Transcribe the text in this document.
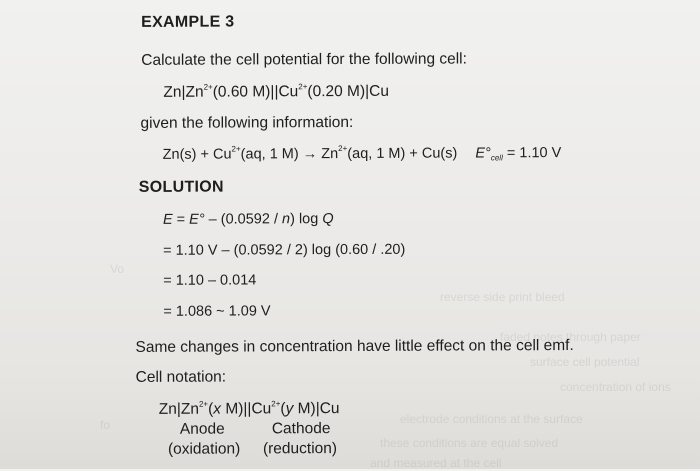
Vo
reverse side print bleed
faded notes through paper
surface cell potential
concentration of ions
fo	electrode conditions at the surface
these conditions are equal solved
and measured at the cell
EXAMPLE 3
Calculate the cell potential for the following cell:
$Zn|Zn^{2+}(0.60$ $M)||Cu^{2+}(0.20$ M)|Cu
given the following information:
$Zn(s) + Cu^{2+}(aq$, 1 $M) \to Zn^{2+}(aq$, 1 M) + Cu(s) $E^\circ_{cell} = 1.10$ V
SOLUTION
E = E° – (0.0592 / n) log Q
= 1.10 V – (0.0592 / 2) log (0.60 / .20)
= 1.10 – 0.014
= 1.086 ~ 1.09 V
Same changes in concentration have little effect on the cell emf.
Cell notation:
$Zn|Zn^{2+}(x$ $M)||Cu^{2+}(y$ M)|Cu
Anode	Cathode
(oxidation) (reduction)
